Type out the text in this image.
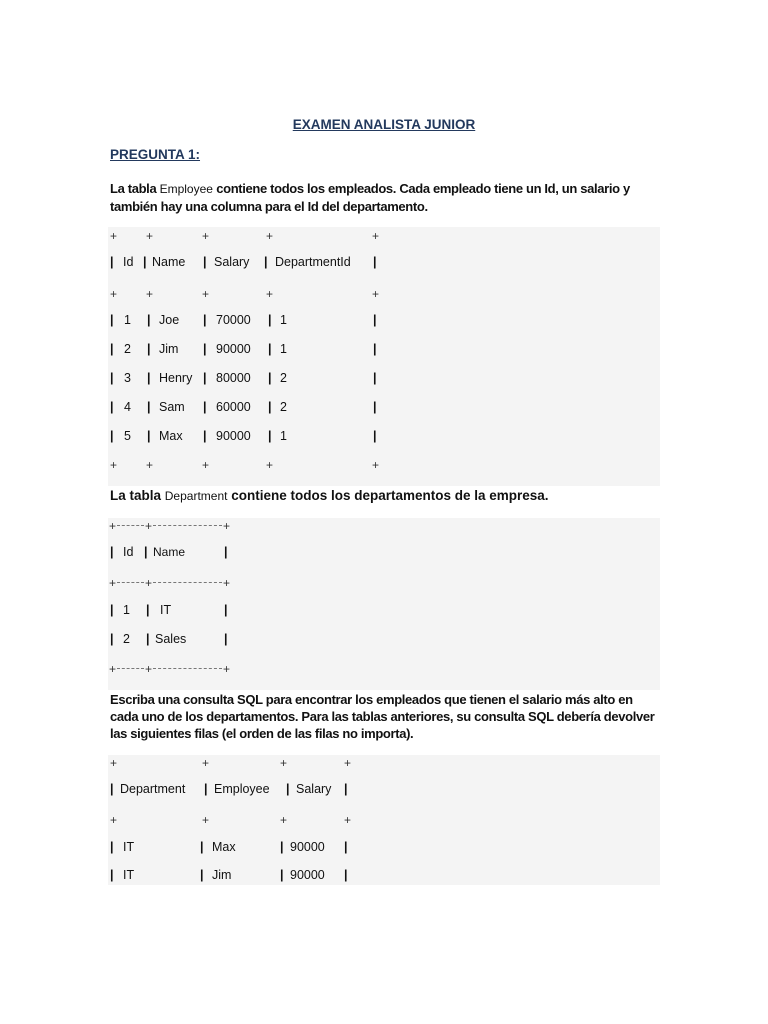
EXAMEN ANALISTA JUNIOR
PREGUNTA 1:
La tabla Employee contiene todos los empleados. Cada empleado tiene un Id, un salario y también hay una columna para el Id del departamento.
+ +	+	+	+
| Id | Name | Salary | DepartmentId |
+ +	+	+	+
| 1 | Joe | 70000 | 1	|
| 2 | Jim | 90000 | 1	|
| 3 | Henry | 80000 | 2	|
| 4 | Sam | 60000 | 2	|
| 5 | Max | 90000 | 1	|
+ +	+	+	+
La tabla Department contiene todos los departamentos de la empresa.
+ +	+
| Id | Name	|
+ +	+
| 1 | IT	|
| 2 | Sales	|
+ +	+
Escriba una consulta SQL para encontrar los empleados que tienen el salario más alto en cada uno de los departamentos. Para las tablas anteriores, su consulta SQL debería devolver las siguientes filas (el orden de las filas no importa).
+	+	+	+
| Department | Employee | Salary |
+	+	+	+
| IT	| Max	| 90000 |
| IT	| Jim	| 90000 |
